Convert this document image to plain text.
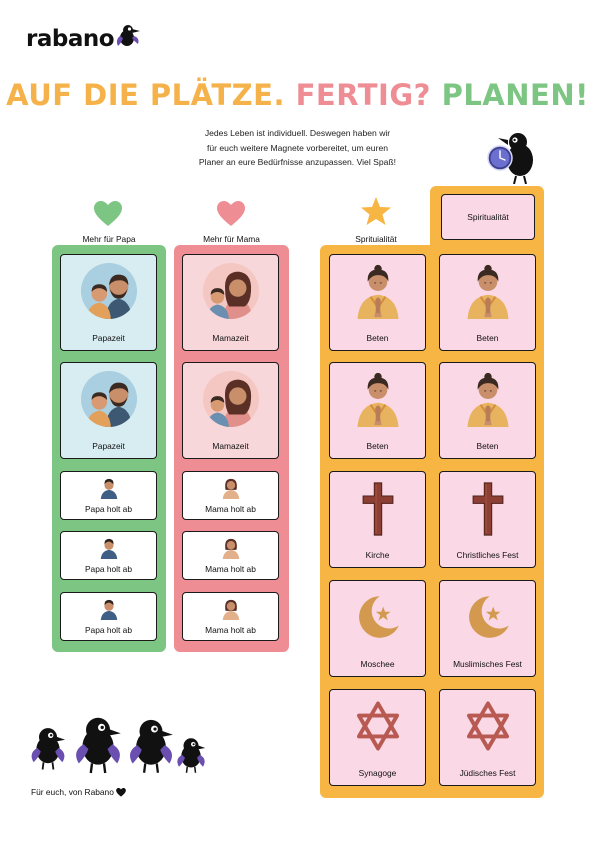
rabano
AUF DIE PLÄTZE. FERTIG? PLANEN!
Jedes Leben ist individuell. Deswegen haben wir
für euch weitere Magnete vorbereitet, um euren
Planer an eure Bedürfnisse anzupassen. Viel Spaß!
Mehr für Papa	Mehr für Mama	Sprituialität
Spiritualität
Papazeit
Papazeit
Papa holt ab
Papa holt ab
Papa holt ab
Mamazeit
Mamazeit
Mama holt ab
Mama holt ab
Mama holt ab
Beten	Beten
Beten	Beten
Kirche	Christliches Fest
Moschee	Muslimisches Fest
Synagoge	Jüdisches Fest
Für euch, von Rabano
